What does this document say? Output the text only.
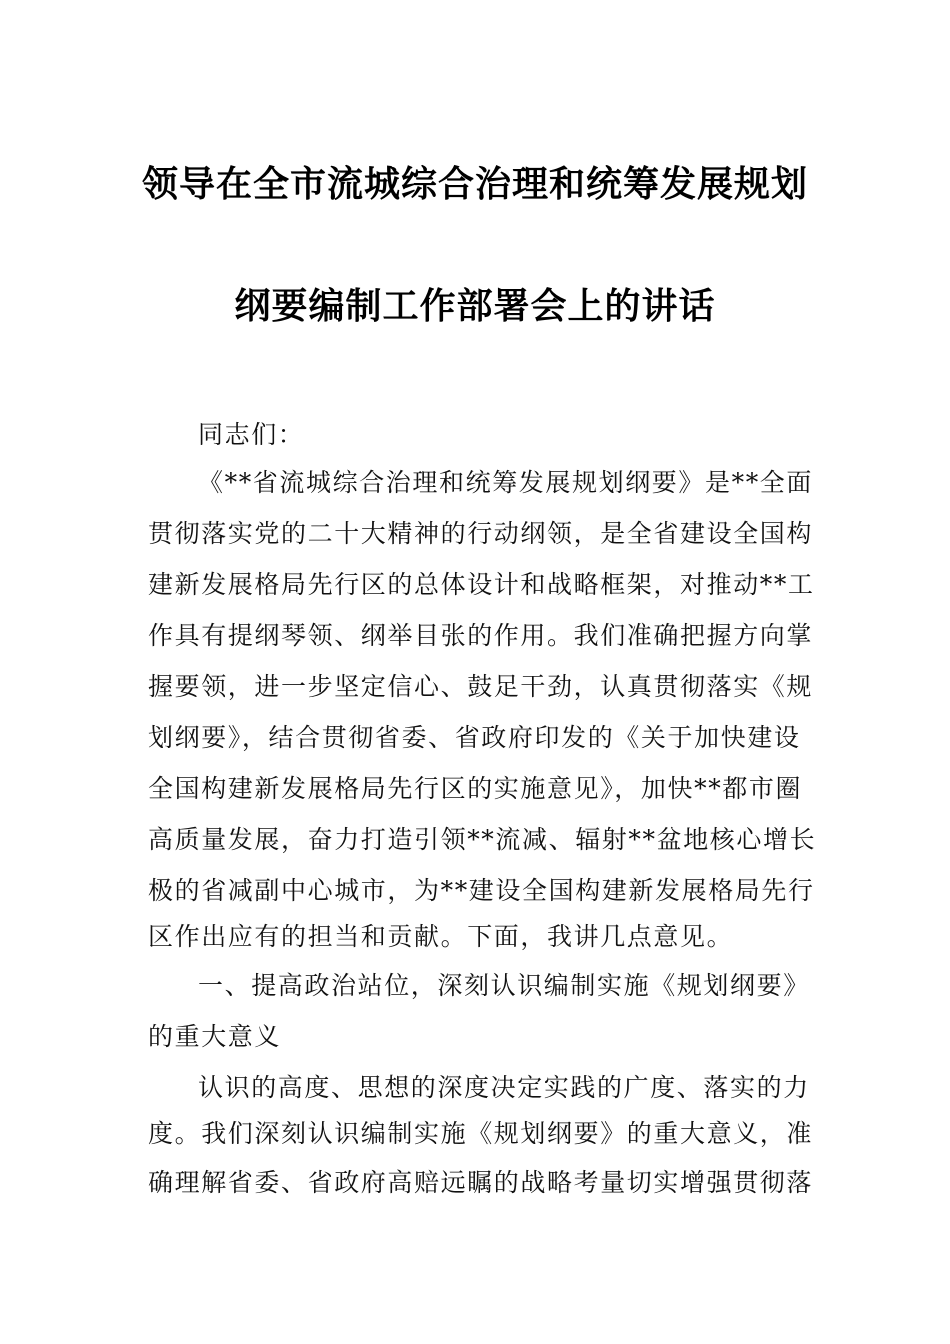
领导在全市流城综合治理和统筹发展规划
纲要编制工作部署会上的讲话
同志们：
《**省流城综合治理和统筹发展规划纲要》是**全面
贯彻落实党的二十大精神的行动纲领，是全省建设全国构
建新发展格局先行区的总体设计和战略框架，对推动**工
作具有提纲琴领、纲举目张的作用。我们准确把握方向掌
握要领，进一步坚定信心、鼓足干劲，认真贯彻落实《规
划纲要》，结合贯彻省委、省政府印发的《关于加快建设
全国构建新发展格局先行区的实施意见》，加快**都市圈
高质量发展，奋力打造引领**流减、辐射**盆地核心增长
极的省减副中心城市，为**建设全国构建新发展格局先行
区作出应有的担当和贡献。下面，我讲几点意见。
一、提高政治站位，深刻认识编制实施《规划纲要》
的重大意义
认识的高度、思想的深度决定实践的广度、落实的力
度。我们深刻认识编制实施《规划纲要》的重大意义，准
确理解省委、省政府高赔远瞩的战略考量切实增强贯彻落
